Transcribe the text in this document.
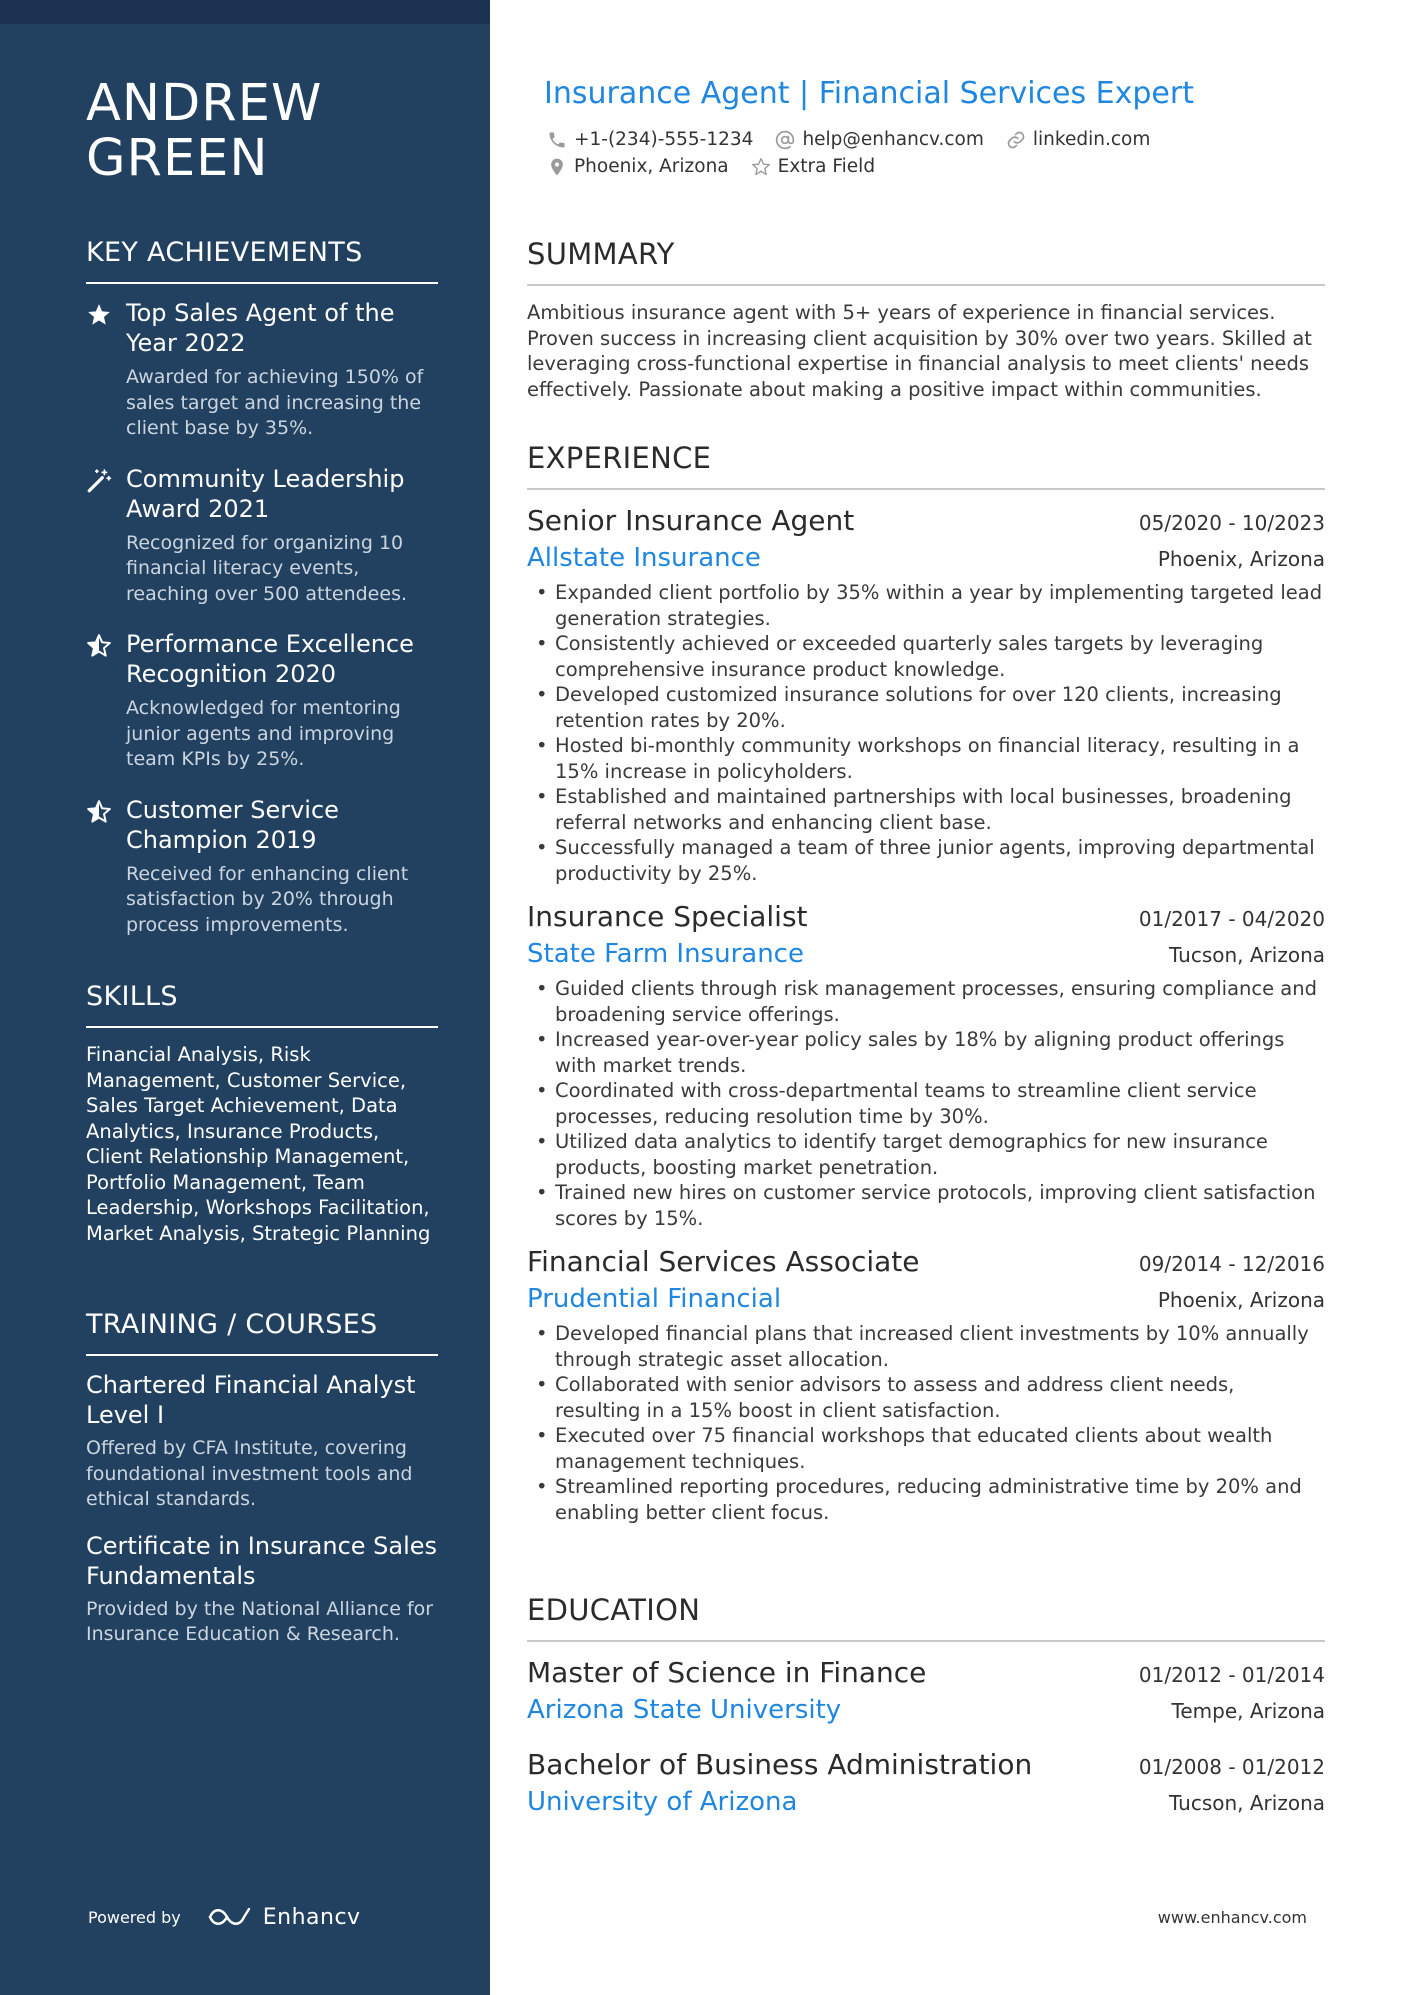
ANDREW GREEN
KEY ACHIEVEMENTS
Top Sales Agent of the Year 2022
Awarded for achieving 150% of sales target and increasing the client base by 35%.
Community Leadership Award 2021
Recognized for organizing 10 financial literacy events, reaching over 500 attendees.
Performance Excellence Recognition 2020
Acknowledged for mentoring junior agents and improving team KPIs by 25%.
Customer Service Champion 2019
Received for enhancing client satisfaction by 20% through process improvements.
SKILLS
Financial Analysis, Risk Management, Customer Service, Sales Target Achievement, Data Analytics, Insurance Products, Client Relationship Management, Portfolio Management, Team Leadership, Workshops Facilitation, Market Analysis, Strategic Planning
TRAINING / COURSES
Chartered Financial Analyst Level I
Offered by CFA Institute, covering foundational investment tools and ethical standards.
Certificate in Insurance Sales Fundamentals
Provided by the National Alliance for Insurance Education & Research.
Powered by	Enhancv
Insurance Agent | Financial Services Expert
+1-(234)-555-1234	help@enhancv.com	linkedin.com
Phoenix, Arizona	Extra Field
SUMMARY
Ambitious insurance agent with 5+ years of experience in financial services. Proven success in increasing client acquisition by 30% over two years. Skilled at leveraging cross-functional expertise in financial analysis to meet clients' needs effectively. Passionate about making a positive impact within communities.
EXPERIENCE
Senior Insurance Agent	05/2020 - 10/2023
Allstate Insurance	Phoenix, Arizona
• Expanded client portfolio by 35% within a year by implementing targeted lead generation strategies.
• Consistently achieved or exceeded quarterly sales targets by leveraging comprehensive insurance product knowledge.
• Developed customized insurance solutions for over 120 clients, increasing retention rates by 20%.
• Hosted bi-monthly community workshops on financial literacy, resulting in a 15% increase in policyholders.
• Established and maintained partnerships with local businesses, broadening referral networks and enhancing client base.
• Successfully managed a team of three junior agents, improving departmental productivity by 25%.
Insurance Specialist	01/2017 - 04/2020
State Farm Insurance	Tucson, Arizona
• Guided clients through risk management processes, ensuring compliance and broadening service offerings.
• Increased year-over-year policy sales by 18% by aligning product offerings with market trends.
• Coordinated with cross-departmental teams to streamline client service processes, reducing resolution time by 30%.
• Utilized data analytics to identify target demographics for new insurance products, boosting market penetration.
• Trained new hires on customer service protocols, improving client satisfaction scores by 15%.
Financial Services Associate	09/2014 - 12/2016
Prudential Financial	Phoenix, Arizona
• Developed financial plans that increased client investments by 10% annually through strategic asset allocation.
• Collaborated with senior advisors to assess and address client needs, resulting in a 15% boost in client satisfaction.
• Executed over 75 financial workshops that educated clients about wealth management techniques.
• Streamlined reporting procedures, reducing administrative time by 20% and enabling better client focus.
EDUCATION
Master of Science in Finance	01/2012 - 01/2014
Arizona State University	Tempe, Arizona
Bachelor of Business Administration	01/2008 - 01/2012
University of Arizona	Tucson, Arizona
www.enhancv.com
